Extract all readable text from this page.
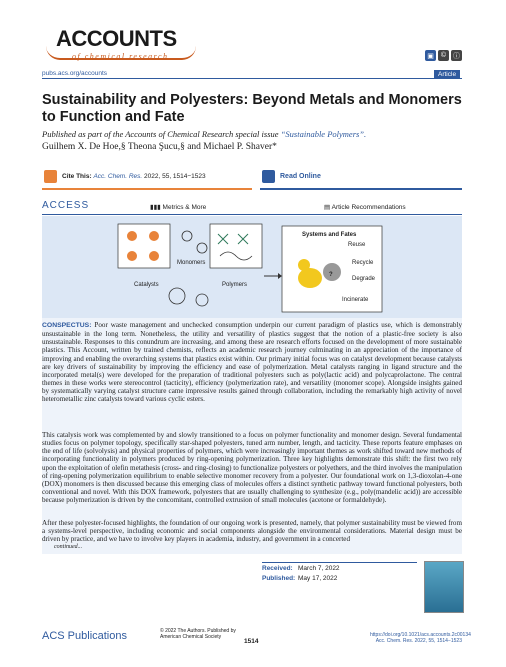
ACCOUNTS
of chemical research	▣	© ⓘ
pubs.acs.org/accounts	Article
Sustainability and Polyesters: Beyond Metals and Monomers to Function and Fate
Published as part of the Accounts of Chemical Research special issue “Sustainable Polymers”.
Guilhem X. De Hoe,§ Theona Şucu,§ and Michael P. Shaver*
Cite This: Acc. Chem. Res. 2022, 55, 1514−1523	Read Online
ACCESS	▮▮▮ Metrics & More	▤ Article Recommendations
Monomers
Catalysts	Polymers
Systems and Fates
?
Reuse
Recycle
Degrade
Incinerate
CONSPECTUS: Poor waste management and unchecked consumption underpin our current paradigm of plastics use, which is demonstrably unsustainable in the long term. Nonetheless, the utility and versatility of plastics suggest that the notion of a plastic-free society is also unsustainable. Responses to this conundrum are increasing, and among these are research efforts focused on the development of more sustainable plastics. This Account, written by trained chemists, reflects an academic research journey culminating in an appreciation of the importance of improving and enabling the overarching systems that plastics exist within. Our primary initial focus was on catalyst development because catalysts are key drivers of sustainability by improving the efficiency and ease of polymerization. Metal catalysts ranging in ligand structure and the incorporated metal(s) were developed for the preparation of traditional polyesters such as poly(lactic acid) and polycaprolactone. The central themes in these works were stereocontrol (tacticity), efficiency (polymerization rate), and versatility (monomer scope). Alongside insights gained by systematically varying catalyst structure came impressive results gained through collaboration, including the remarkably high activity of novel heterometallic zinc catalysts toward various cyclic esters.
This catalysis work was complemented by and slowly transitioned to a focus on polymer functionality and monomer design. Several fundamental studies focus on polymer topology, specifically star-shaped polyesters, tuned arm number, length, and tacticity. These reports feature emphases on the end of life (solvolysis) and physical properties of polymers, which were increasingly important themes as work shifted toward new methods of incorporating functionality in polymers produced by ring-opening polymerization. Three key highlights demonstrate this shift: the first two rely upon the exploitation of olefin metathesis (cross- and ring-closing) to functionalize polyesters or polyethers, and the third involves the manipulation of ring-opening polymerization equilibrium to enable selective monomer recovery from a polyester. Our foundational work on 1,3-dioxolan-4-one (DOX) monomers is then discussed because this emerging class of molecules offers a distinct synthetic pathway toward functional polyesters, both conventional and novel. With this DOX framework, polyesters that are usually challenging to synthesize (e.g., poly(mandelic acid)) are accessible because polymerization is driven by the concomitant, controlled extrusion of small molecules (acetone or formaldehyde).
After these polyester-focused highlights, the foundation of our ongoing work is presented, namely, that polymer sustainability must be viewed from a systems-level perspective, including economic and social components alongside the environmental considerations. Material design must be driven by practice, and we have to involve key players in academia, industry, and government in a concerted
continued...
Received: March 7, 2022
Published: May 17, 2022
ACS Publications	© 2022 The Authors. Published by
American Chemical Society
1514
https://doi.org/10.1021/acs.accounts.2c00134
Acc. Chem. Res. 2022, 55, 1514−1523
